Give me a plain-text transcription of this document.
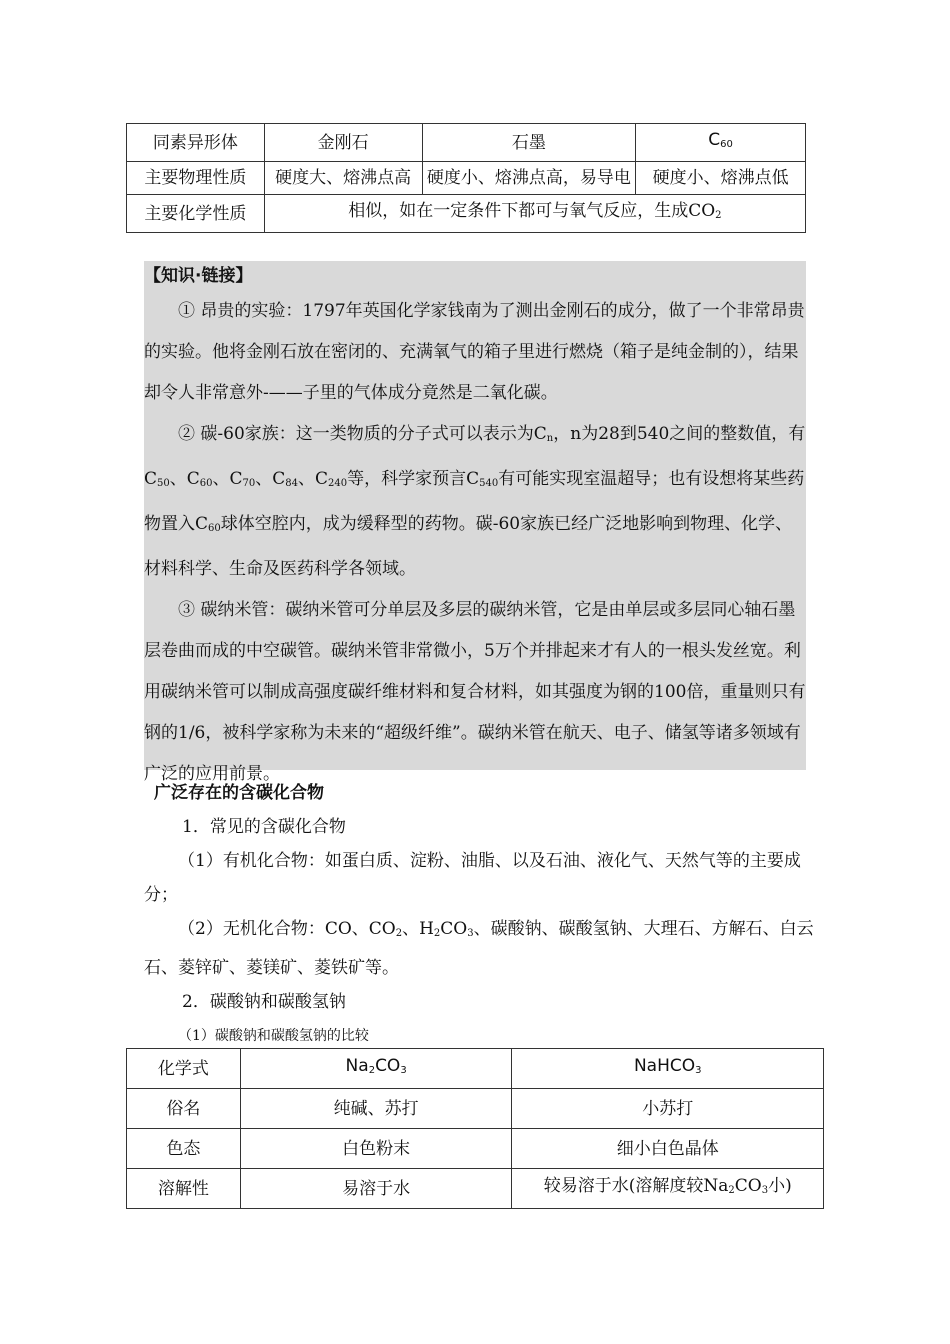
同素异形体	金刚石	石墨	$C_{60}$
主要物理性质	硬度大、熔沸点高	硬度小、熔沸点高，易导电	硬度小、熔沸点低
主要化学性质	相似，如在一定条件下都可与氧气反应，生成$CO_2$

【知识·链接】

① 昂贵的实验：1797年英国化学家钱南为了测出金刚石的成分，做了一个非常昂贵的实验。他将金刚石放在密闭的、充满氧气的箱子里进行燃烧（箱子是纯金制的），结果却令人非常意外-——子里的气体成分竟然是二氧化碳。

② 碳-60家族：这一类物质的分子式可以表示为$C_n$，n为28到540之间的整数值，有$C_{50}$、$C_{60}$、$C_{70}$、$C_{84}$、$C_{240}$等，科学家预言$C_{540}$有可能实现室温超导；也有设想将某些药物置入$C_{60}$球体空腔内，成为缓释型的药物。碳-60家族已经广泛地影响到物理、化学、材料科学、生命及医药科学各领域。

③ 碳纳米管：碳纳米管可分单层及多层的碳纳米管，它是由单层或多层同心轴石墨层卷曲而成的中空碳管。碳纳米管非常微小，5万个并排起来才有人的一根头发丝宽。利用碳纳米管可以制成高强度碳纤维材料和复合材料，如其强度为钢的100倍，重量则只有钢的1/6，被科学家称为未来的“超级纤维”。碳纳米管在航天、电子、储氢等诸多领域有广泛的应用前景。

广泛存在的含碳化合物

1．常见的含碳化合物

（1）有机化合物：如蛋白质、淀粉、油脂、以及石油、液化气、天然气等的主要成分；

（2）无机化合物：CO、$CO_2$、$H_2CO_3$、碳酸钠、碳酸氢钠、大理石、方解石、白云石、菱锌矿、菱镁矿、菱铁矿等。

2．碳酸钠和碳酸氢钠

（1）碳酸钠和碳酸氢钠的比较

化学式	$Na_2CO_3$	NaHCO$_3$
俗名	纯碱、苏打	小苏打
色态	白色粉末	细小白色晶体
溶解性	易溶于水	较易溶于水(溶解度较$Na_2CO_3$小)
